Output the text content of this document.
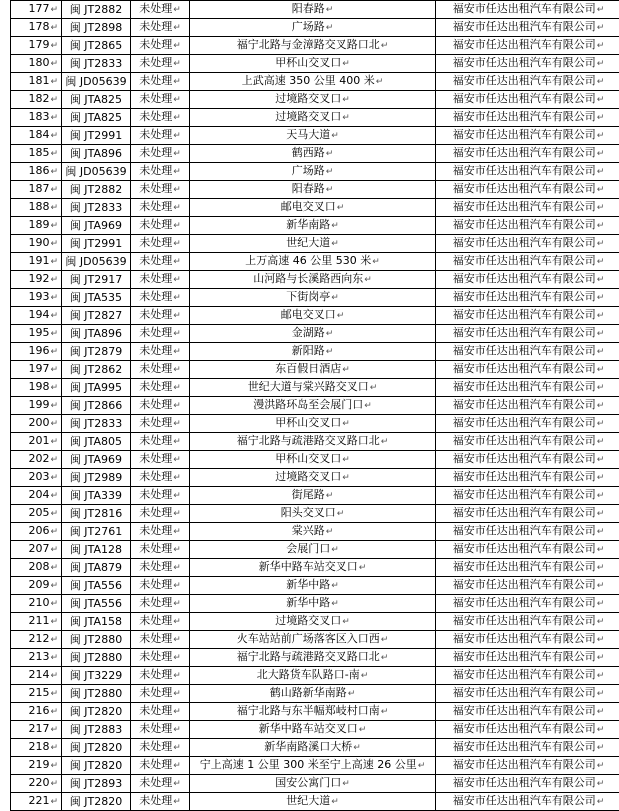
177↵	闽 JT2882	未处理↵	阳春路↵	福安市任达出租汽车有限公司↵
178↵	闽 JT2898	未处理↵	广场路↵	福安市任达出租汽车有限公司↵
179↵	闽 JT2865	未处理↵	福宁北路与金漳路交叉路口北↵	福安市任达出租汽车有限公司↵
180↵	闽 JT2833	未处理↵	甲杯山交叉口↵	福安市任达出租汽车有限公司↵
181↵	闽 JD05639	未处理↵	上武高速 350 公里 400 米↵	福安市任达出租汽车有限公司↵
182↵	闽 JTA825	未处理↵	过境路交叉口↵	福安市任达出租汽车有限公司↵
183↵	闽 JTA825	未处理↵	过境路交叉口↵	福安市任达出租汽车有限公司↵
184↵	闽 JT2991	未处理↵	天马大道↵	福安市任达出租汽车有限公司↵
185↵	闽 JTA896	未处理↵	鹤西路↵	福安市任达出租汽车有限公司↵
186↵	闽 JD05639	未处理↵	广场路↵	福安市任达出租汽车有限公司↵
187↵	闽 JT2882	未处理↵	阳春路↵	福安市任达出租汽车有限公司↵
188↵	闽 JT2833	未处理↵	邮电交叉口↵	福安市任达出租汽车有限公司↵
189↵	闽 JTA969	未处理↵	新华南路↵	福安市任达出租汽车有限公司↵
190↵	闽 JT2991	未处理↵	世纪大道↵	福安市任达出租汽车有限公司↵
191↵	闽 JD05639	未处理↵	上万高速 46 公里 530 米↵	福安市任达出租汽车有限公司↵
192↵	闽 JT2917	未处理↵	山河路与长溪路西向东↵	福安市任达出租汽车有限公司↵
193↵	闽 JTA535	未处理↵	下街岗亭↵	福安市任达出租汽车有限公司↵
194↵	闽 JT2827	未处理↵	邮电交叉口↵	福安市任达出租汽车有限公司↵
195↵	闽 JTA896	未处理↵	金湖路↵	福安市任达出租汽车有限公司↵
196↵	闽 JT2879	未处理↵	新阳路↵	福安市任达出租汽车有限公司↵
197↵	闽 JT2862	未处理↵	东百假日酒店↵	福安市任达出租汽车有限公司↵
198↵	闽 JTA995	未处理↵	世纪大道与棠兴路交叉口↵	福安市任达出租汽车有限公司↵
199↵	闽 JT2866	未处理↵	漫洪路环岛至会展门口↵	福安市任达出租汽车有限公司↵
200↵	闽 JT2833	未处理↵	甲杯山交叉口↵	福安市任达出租汽车有限公司↵
201↵	闽 JTA805	未处理↵	福宁北路与疏港路交叉路口北↵	福安市任达出租汽车有限公司↵
202↵	闽 JTA969	未处理↵	甲杯山交叉口↵	福安市任达出租汽车有限公司↵
203↵	闽 JT2989	未处理↵	过境路交叉口↵	福安市任达出租汽车有限公司↵
204↵	闽 JTA339	未处理↵	街尾路↵	福安市任达出租汽车有限公司↵
205↵	闽 JT2816	未处理↵	阳头交叉口↵	福安市任达出租汽车有限公司↵
206↵	闽 JT2761	未处理↵	棠兴路↵	福安市任达出租汽车有限公司↵
207↵	闽 JTA128	未处理↵	会展门口↵	福安市任达出租汽车有限公司↵
208↵	闽 JTA879	未处理↵	新华中路车站交叉口↵	福安市任达出租汽车有限公司↵
209↵	闽 JTA556	未处理↵	新华中路↵	福安市任达出租汽车有限公司↵
210↵	闽 JTA556	未处理↵	新华中路↵	福安市任达出租汽车有限公司↵
211↵	闽 JTA158	未处理↵	过境路交叉口↵	福安市任达出租汽车有限公司↵
212↵	闽 JT2880	未处理↵	火车站站前广场落客区入口西↵	福安市任达出租汽车有限公司↵
213↵	闽 JT2880	未处理↵	福宁北路与疏港路交叉路口北↵	福安市任达出租汽车有限公司↵
214↵	闽 JT3229	未处理↵	北大路货车队路口-南↵	福安市任达出租汽车有限公司↵
215↵	闽 JT2880	未处理↵	鹤山路新华南路↵	福安市任达出租汽车有限公司↵
216↵	闽 JT2820	未处理↵	福宁北路与东半幅郑岐村口南↵	福安市任达出租汽车有限公司↵
217↵	闽 JT2883	未处理↵	新华中路车站交叉口↵	福安市任达出租汽车有限公司↵
218↵	闽 JT2820	未处理↵	新华南路溪口大桥↵	福安市任达出租汽车有限公司↵
219↵	闽 JT2820	未处理↵	宁上高速 1 公里 300 米至宁上高速 26 公里↵	福安市任达出租汽车有限公司↵
220↵	闽 JT2893	未处理↵	国安公寓门口↵	福安市任达出租汽车有限公司↵
221↵	闽 JT2820	未处理↵	世纪大道↵	福安市任达出租汽车有限公司↵
